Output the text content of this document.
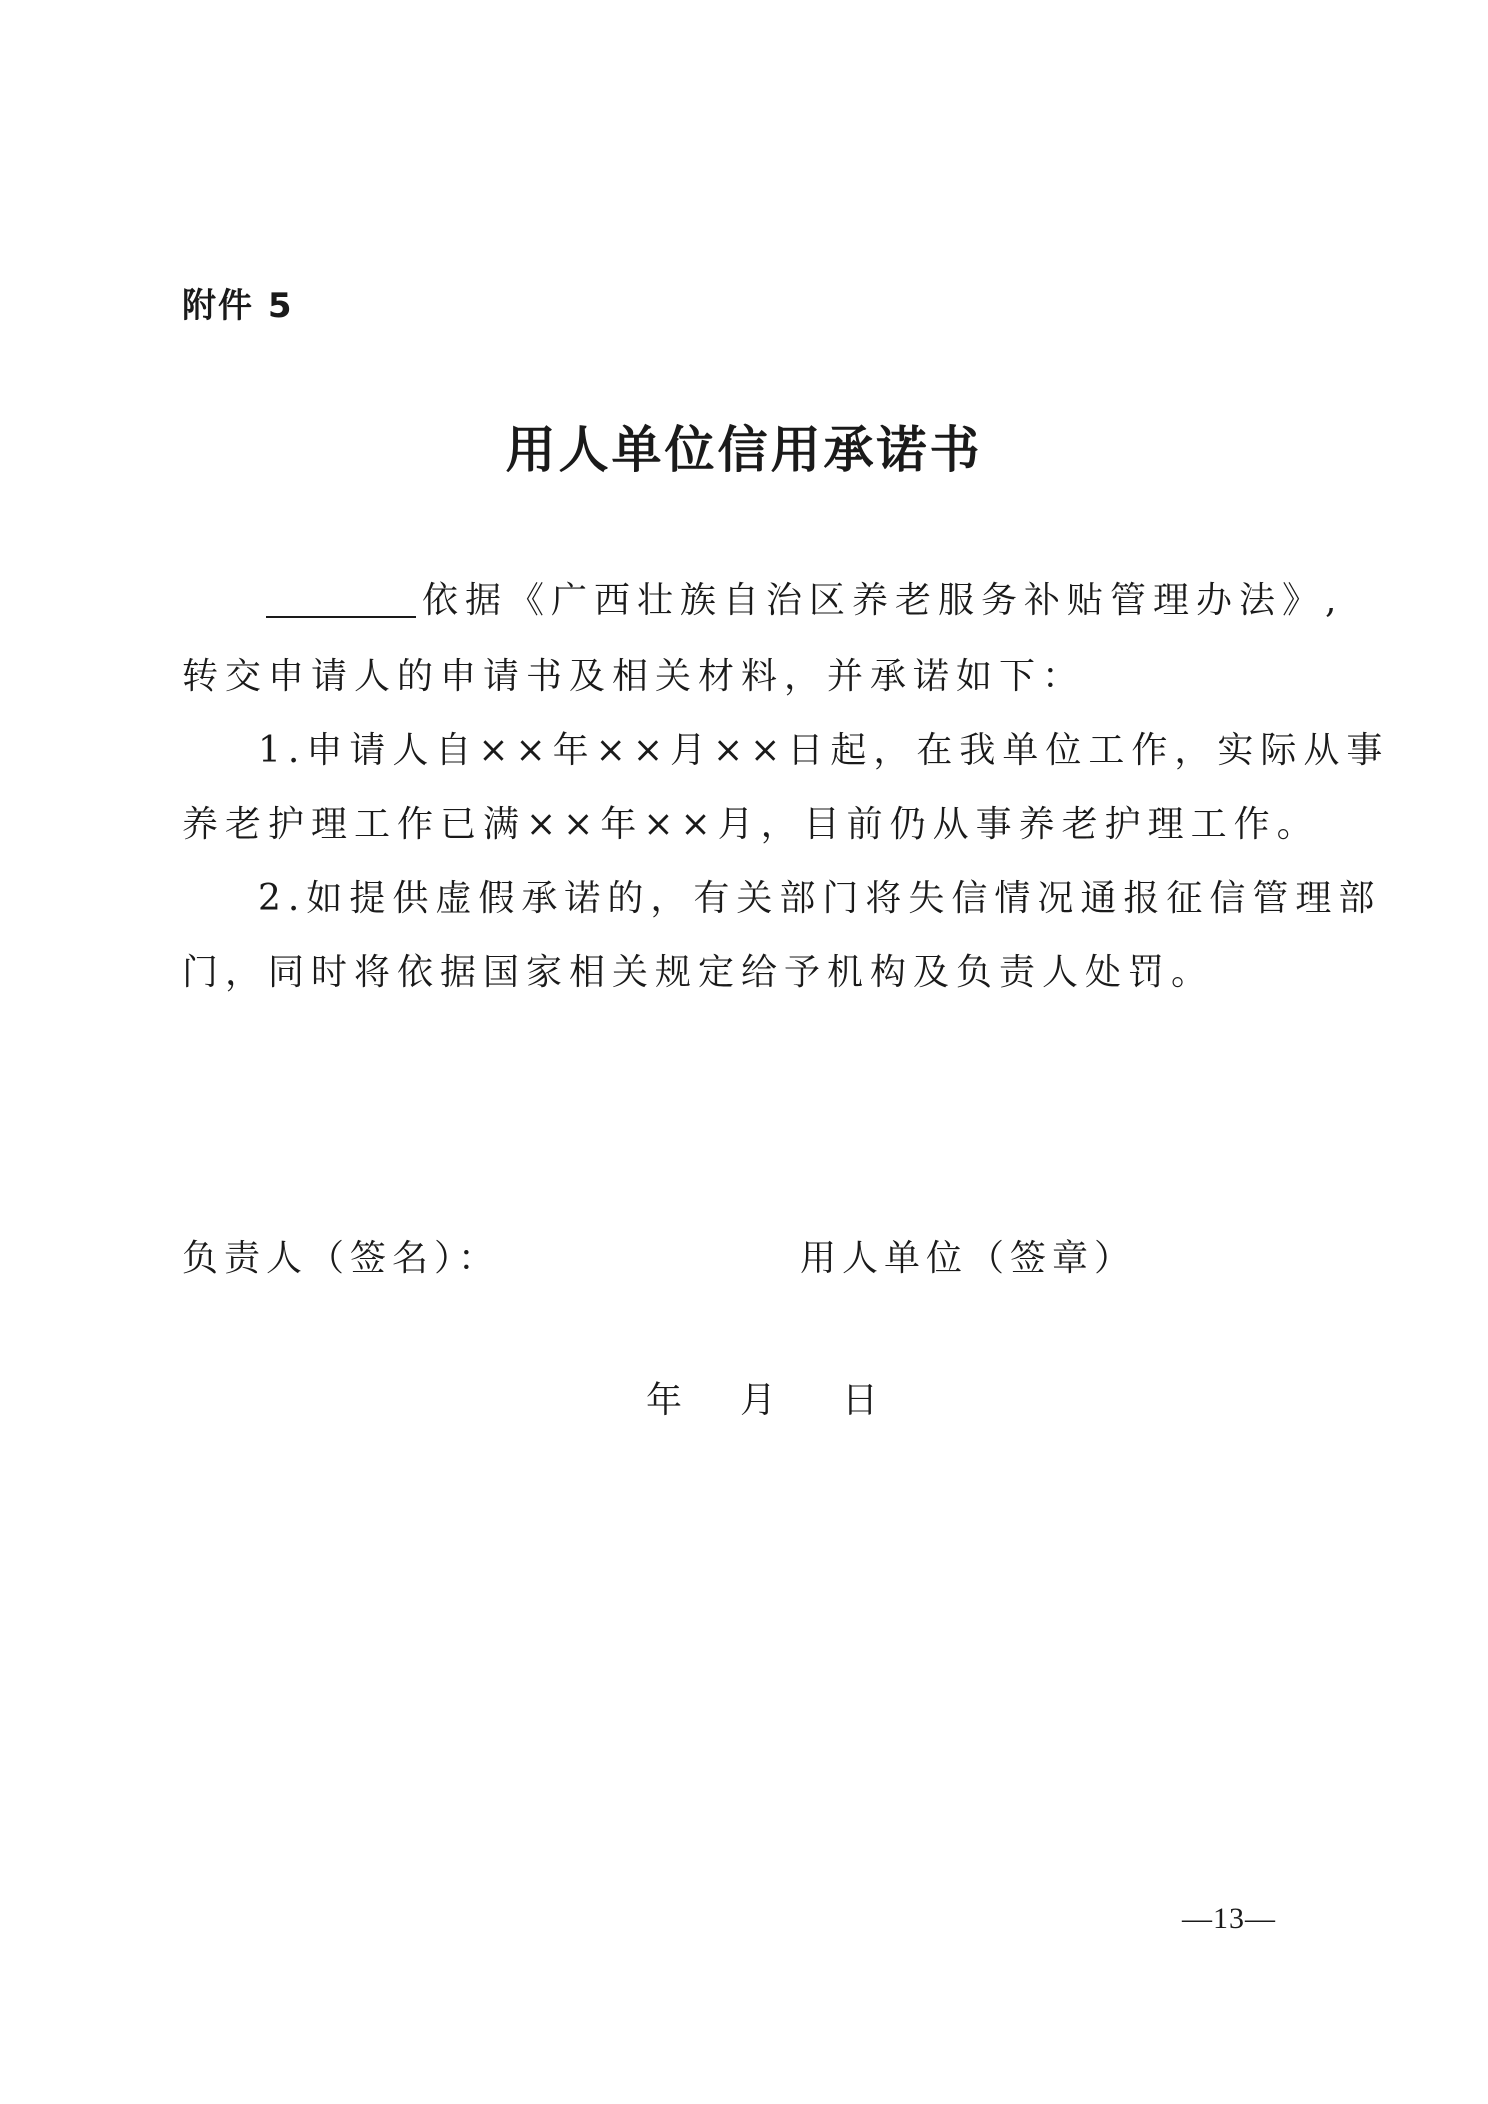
附件 5
用人单位信用承诺书
依据《广西壮族自治区养老服务补贴管理办法》,
转交申请人的申请书及相关材料，并承诺如下：
1.申请人自××年××月××日起，在我单位工作，实际从事
养老护理工作已满××年××月，目前仍从事养老护理工作。
2.如提供虚假承诺的，有关部门将失信情况通报征信管理部
门，同时将依据国家相关规定给予机构及负责人处罚。
负责人（签名）：	用人单位（签章）
年 月 日
—13—
